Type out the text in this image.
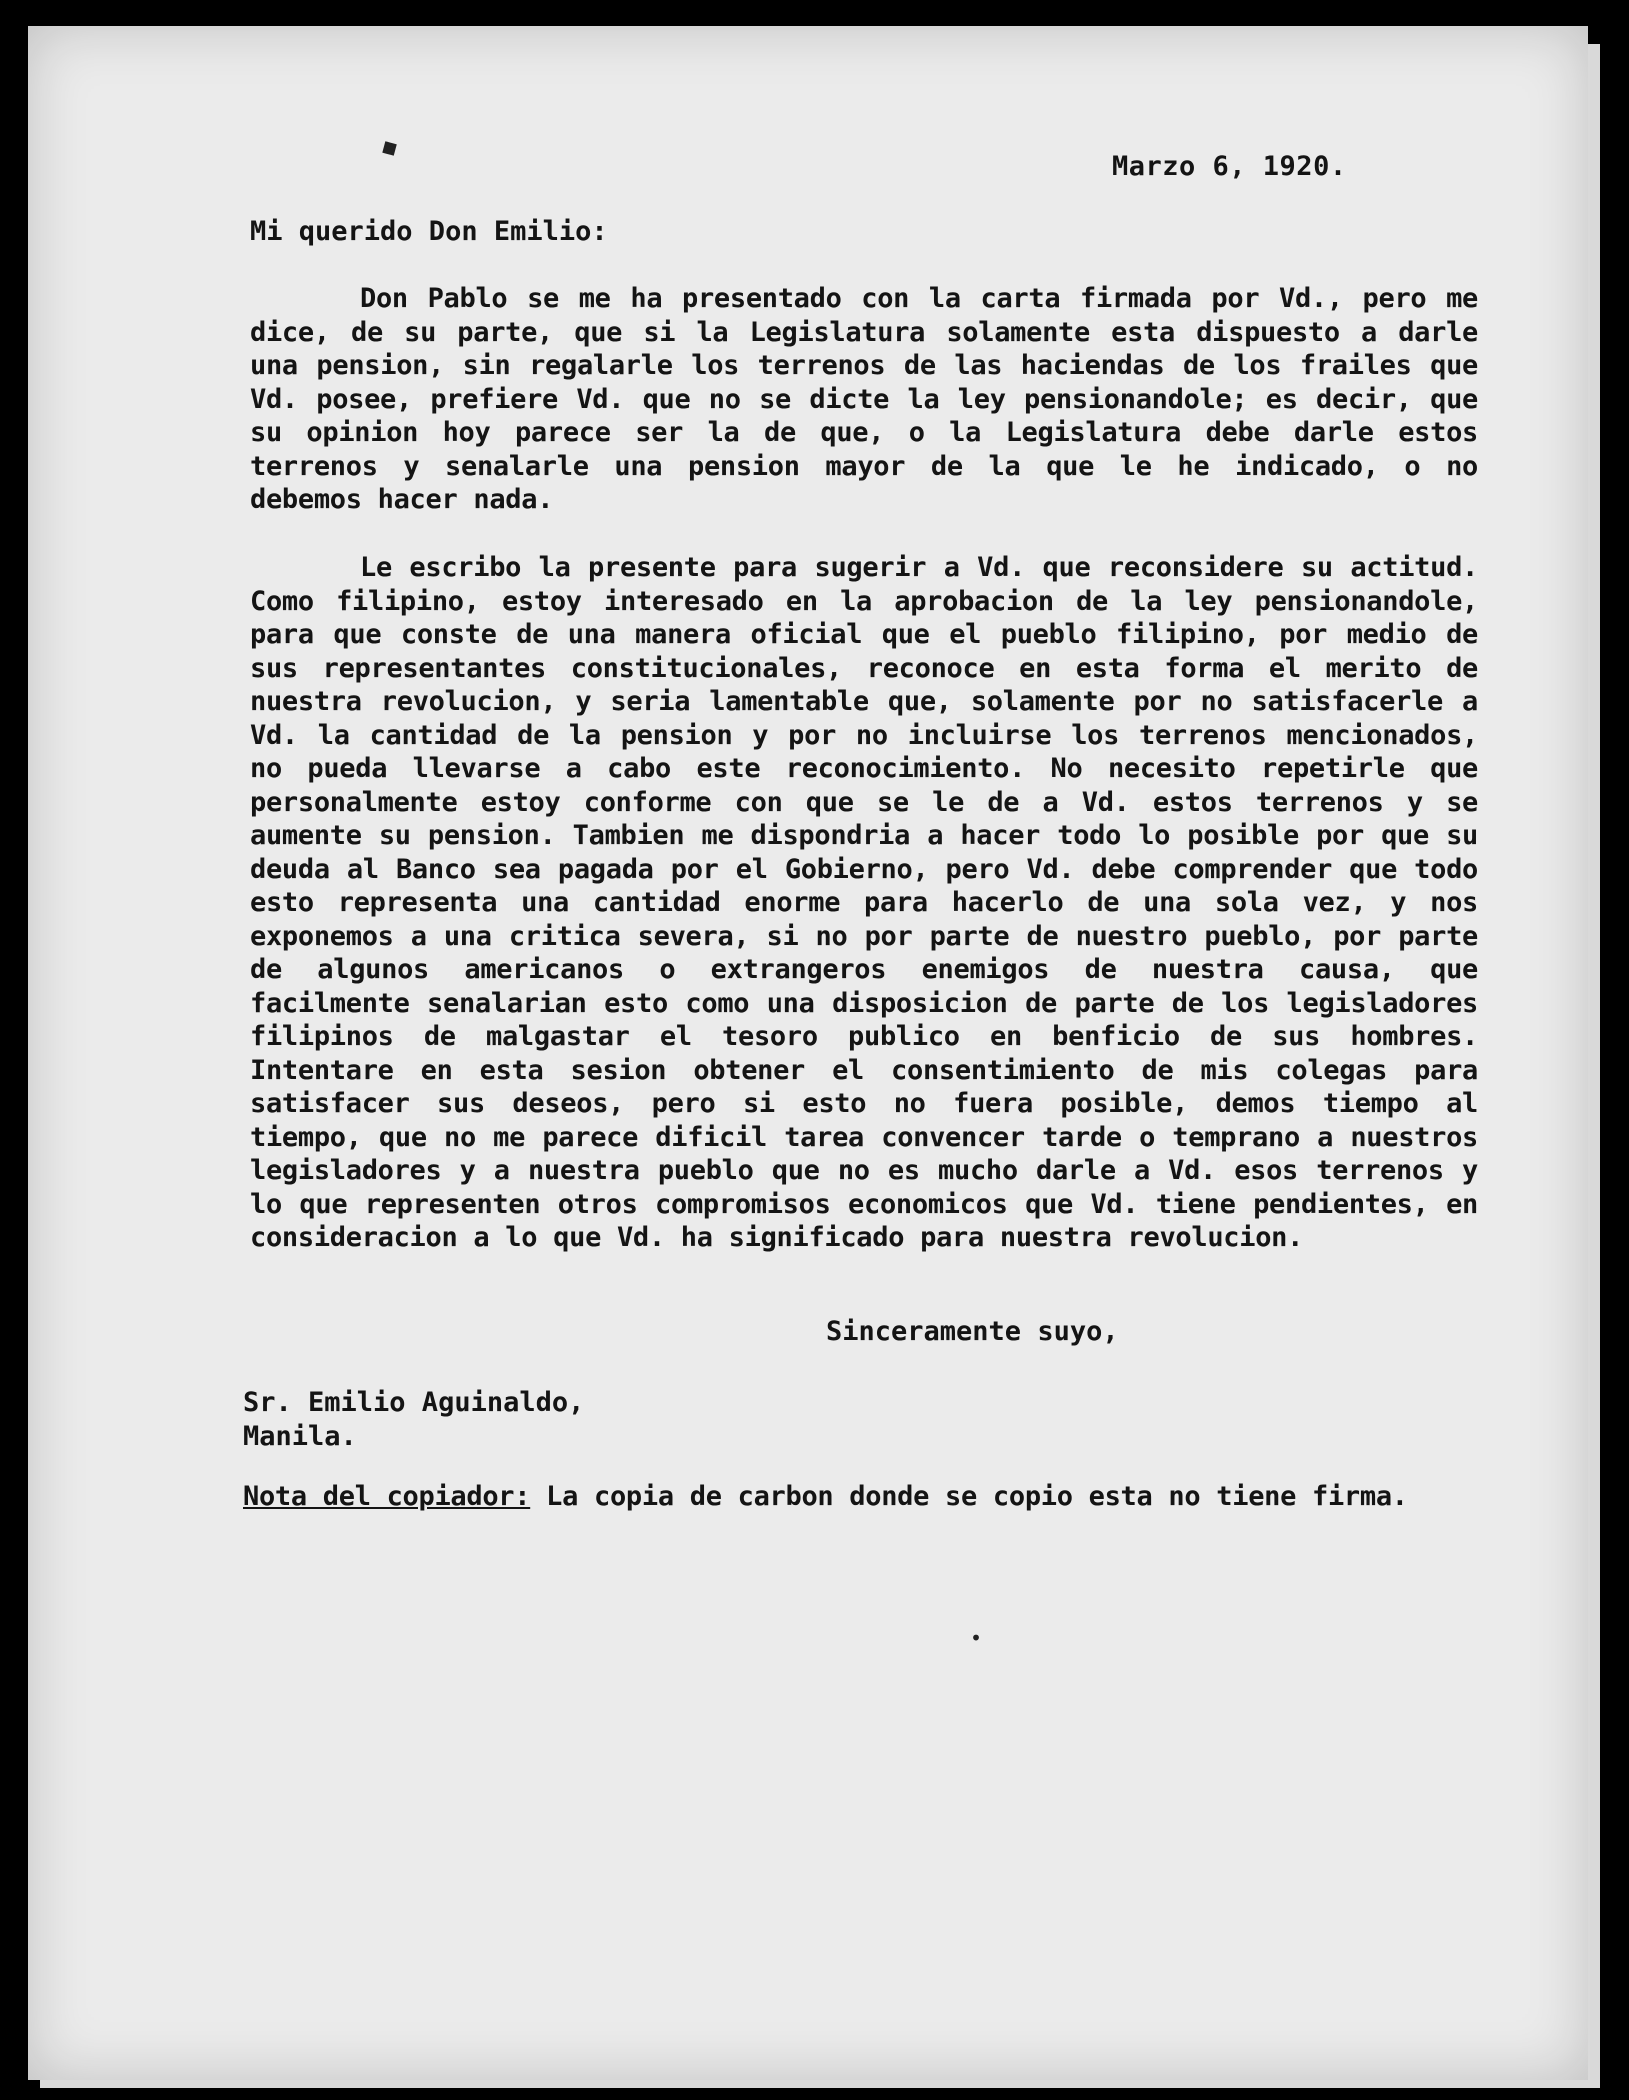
◆
•

Marzo 6, 1920.

Mi querido Don Emilio:

Don Pablo se me ha presentado con la carta firmada por Vd., pero me dice, de su parte, que si la Legislatura solamente esta dispuesto a darle una pension, sin regalarle los terrenos de las haciendas de los frailes que Vd. posee, prefiere Vd. que no se dicte la ley pensionandole; es decir, que su opinion hoy parece ser la de que, o la Legislatura debe darle estos terrenos y senalarle una pension mayor de la que le he indicado, o no debemos hacer nada.

Le escribo la presente para sugerir a Vd. que reconsidere su actitud. Como filipino, estoy interesado en la aprobacion de la ley pensionandole, para que conste de una manera oficial que el pueblo filipino, por medio de sus representantes constitucionales, reconoce en esta forma el merito de nuestra revolucion, y seria lamentable que, solamente por no satisfacerle a Vd. la cantidad de la pension y por no incluirse los terrenos mencionados, no pueda llevarse a cabo este reconocimiento. No necesito repetirle que personalmente estoy conforme con que se le de a Vd. estos terrenos y se aumente su pension. Tambien me dispondria a hacer todo lo posible por que su deuda al Banco sea pagada por el Gobierno, pero Vd. debe comprender que todo esto representa una cantidad enorme para hacerlo de una sola vez, y nos exponemos a una critica severa, si no por parte de nuestro pueblo, por parte de algunos americanos o extrangeros enemigos de nuestra causa, que facilmente senalarian esto como una disposicion de parte de los legisladores filipinos de malgastar el tesoro publico en benficio de sus hombres. Intentare en esta sesion obtener el consentimiento de mis colegas para satisfacer sus deseos, pero si esto no fuera posible, demos tiempo al tiempo, que no me parece dificil tarea convencer tarde o temprano a nuestros legisladores y a nuestra pueblo que no es mucho darle a Vd. esos terrenos y lo que representen otros compromisos economicos que Vd. tiene pendientes, en consideracion a lo que Vd. ha significado para nuestra revolucion.

Sinceramente suyo,

Sr. Emilio Aguinaldo,
Manila.

Nota del copiador: La copia de carbon donde se copio esta no tiene firma.
